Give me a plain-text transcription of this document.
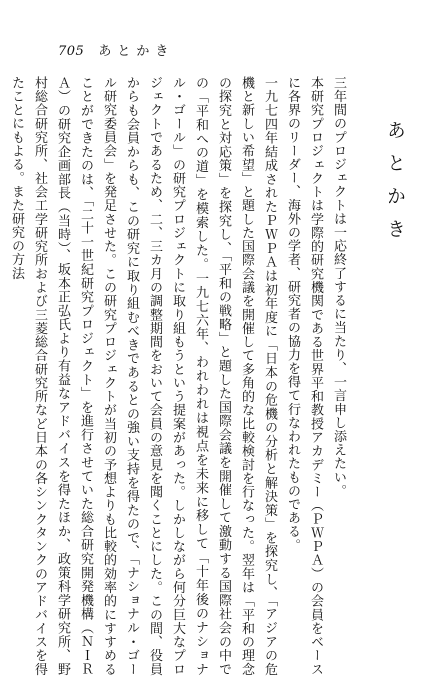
705 あとかき
あとかき

三年間のプロジェクトは一応終了するに当たり、一言申し添えたい。

本研究プロジェクトは学際的研究機関である世界平和教授アカデミー（ＰＷＰＡ）の会員をベースに各界のリーダー、海外の学者、研究者の協力を得て行なわれたものである。

一九七四年結成されたＰＷＰＡは初年度に「日本の危機の分析と解決策」を探究し、「アジアの危機と新しい希望」と題した国際会議を開催して多角的な比較検討を行なった。翌年は「平和の理念の探究と対応策」を探究し、「平和の戦略」と題した国際会議を開催して激動する国際社会の中での「平和への道」を模索した。一九七六年、われわれは視点を未来に移して「十年後のナショナル・ゴール」の研究プロジェクトに取り組もうという提案があった。しかしながら何分巨大なプロジェクトであるため、二、三カ月の調整期間をおいて会員の意見を聞くことにした。この間、役員からも会員からも、この研究に取り組むべきであるとの強い支持を得たので、「ナショナル・ゴール研究委員会」を発足させた。この研究プロジェクトが当初の予想よりも比較的効率的にすすめることができたのは、「二十一世紀研究プロジェクト」を進行させていた総合研究開発機構（ＮＩＲＡ）の研究企画部長（当時）、坂本正弘氏より有益なアドバイスを得たほか、政策科学研究所、野村総合研究所、社会工学研究所および三菱総合研究所など日本の各シンクタンクのアドバイスを得たことにもよる。また研究の方法
